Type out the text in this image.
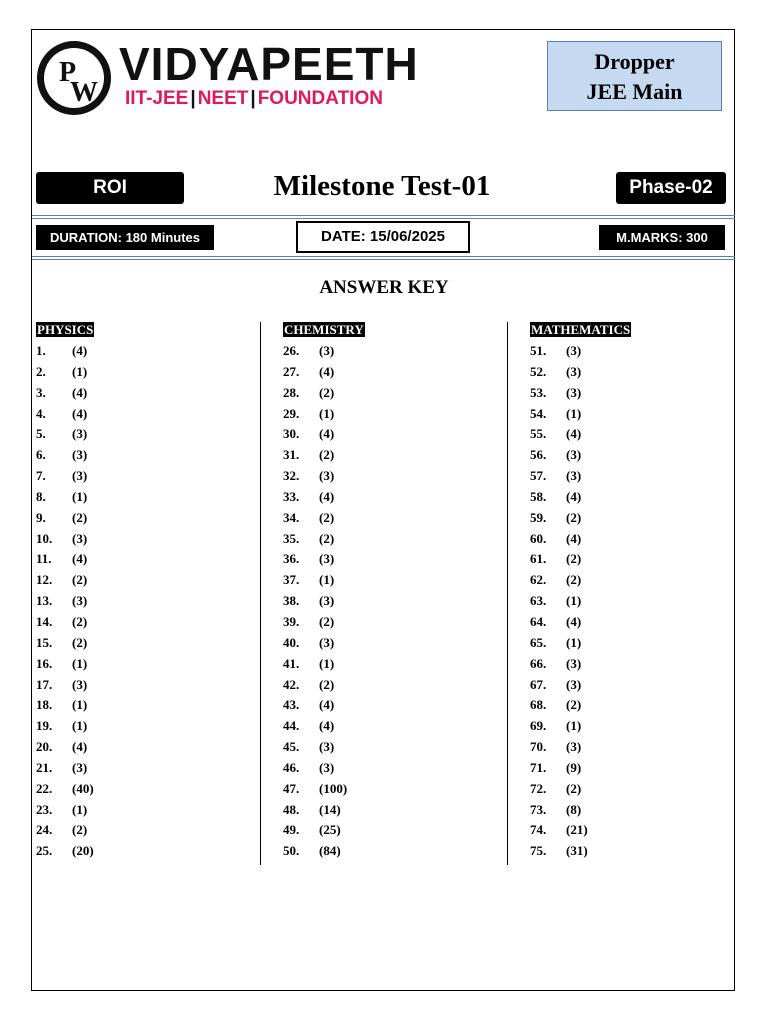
P
W
VIDYAPEETH
IIT-JEE | NEET | FOUNDATION
Dropper
JEE Main
ROI	Milestone Test-01	Phase-02
DURATION: 180 Minutes	DATE: 15/06/2025	M.MARKS: 300
ANSWER KEY
PHYSICS
1. (4)
2. (1)
3. (4)
4. (4)
5. (3)
6. (3)
7. (3)
8. (1)
9. (2)
10. (3)
11. (4)
12. (2)
13. (3)
14. (2)
15. (2)
16. (1)
17. (3)
18. (1)
19. (1)
20. (4)
21. (3)
22. (40)
23. (1)
24. (2)
25. (20)
CHEMISTRY
26. (3)
27. (4)
28. (2)
29. (1)
30. (4)
31. (2)
32. (3)
33. (4)
34. (2)
35. (2)
36. (3)
37. (1)
38. (3)
39. (2)
40. (3)
41. (1)
42. (2)
43. (4)
44. (4)
45. (3)
46. (3)
47. (100)
48. (14)
49. (25)
50. (84)
MATHEMATICS
51. (3)
52. (3)
53. (3)
54. (1)
55. (4)
56. (3)
57. (3)
58. (4)
59. (2)
60. (4)
61. (2)
62. (2)
63. (1)
64. (4)
65. (1)
66. (3)
67. (3)
68. (2)
69. (1)
70. (3)
71. (9)
72. (2)
73. (8)
74. (21)
75. (31)
